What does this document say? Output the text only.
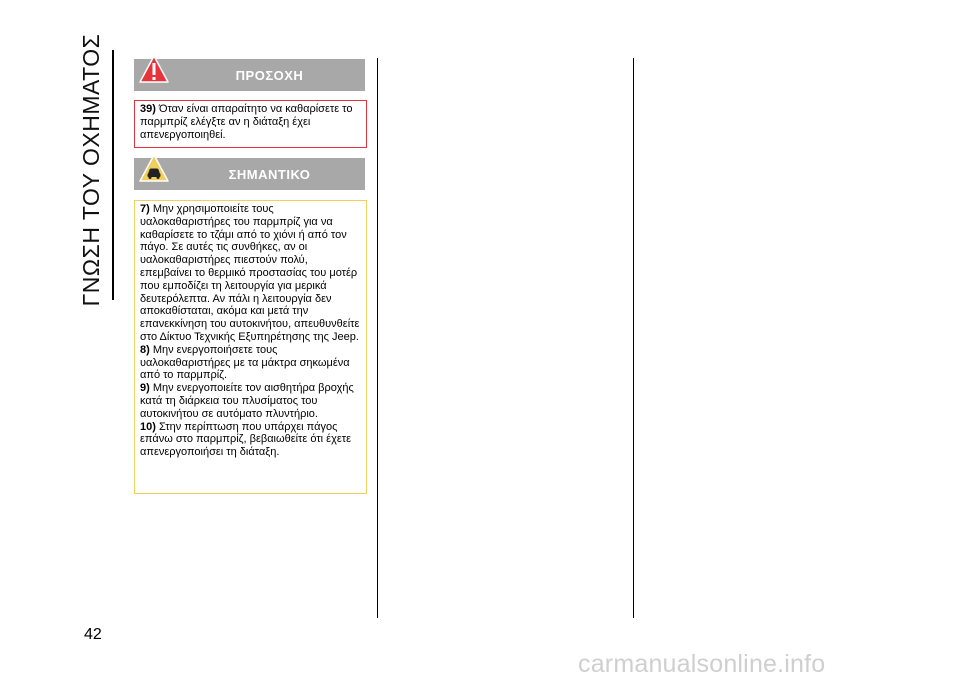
ΓΝΩΣΗ ΤΟΥ ΟΧΗΜΑΤΟΣ	ΠΡΟΣΟΧΗ

39) Όταν είναι απαραίτητο να καθαρίσετε το παρμπρίζ ελέγξτε αν η διάταξη έχει απενεργοποιηθεί.

ΣΗΜΑΝΤΙΚΟ

7) Μην χρησιμοποιείτε τους υαλοκαθαριστήρες του παρμπρίζ για να καθαρίσετε το τζάμι από το χιόνι ή από τον πάγο. Σε αυτές τις συνθήκες, αν οι υαλοκαθαριστήρες πιεστούν πολύ, επεμβαίνει το θερμικό προστασίας του μοτέρ που εμποδίζει τη λειτουργία για μερικά δευτερόλεπτα. Αν πάλι η λειτουργία δεν αποκαθίσταται, ακόμα και μετά την επανεκκίνηση του αυτοκινήτου, απευθυνθείτε στο Δίκτυο Τεχνικής Εξυπηρέτησης της Jeep.

8) Μην ενεργοποιήσετε τους υαλοκαθαριστήρες με τα μάκτρα σηκωμένα από το παρμπρίζ.

9) Μην ενεργοποιείτε τον αισθητήρα βροχής κατά τη διάρκεια του πλυσίματος του αυτοκινήτου σε αυτόματο πλυντήριο.

10) Στην περίπτωση που υπάρχει πάγος επάνω στο παρμπρίζ, βεβαιωθείτε ότι έχετε απενεργοποιήσει τη διάταξη.

42
carmanualsonline.info
